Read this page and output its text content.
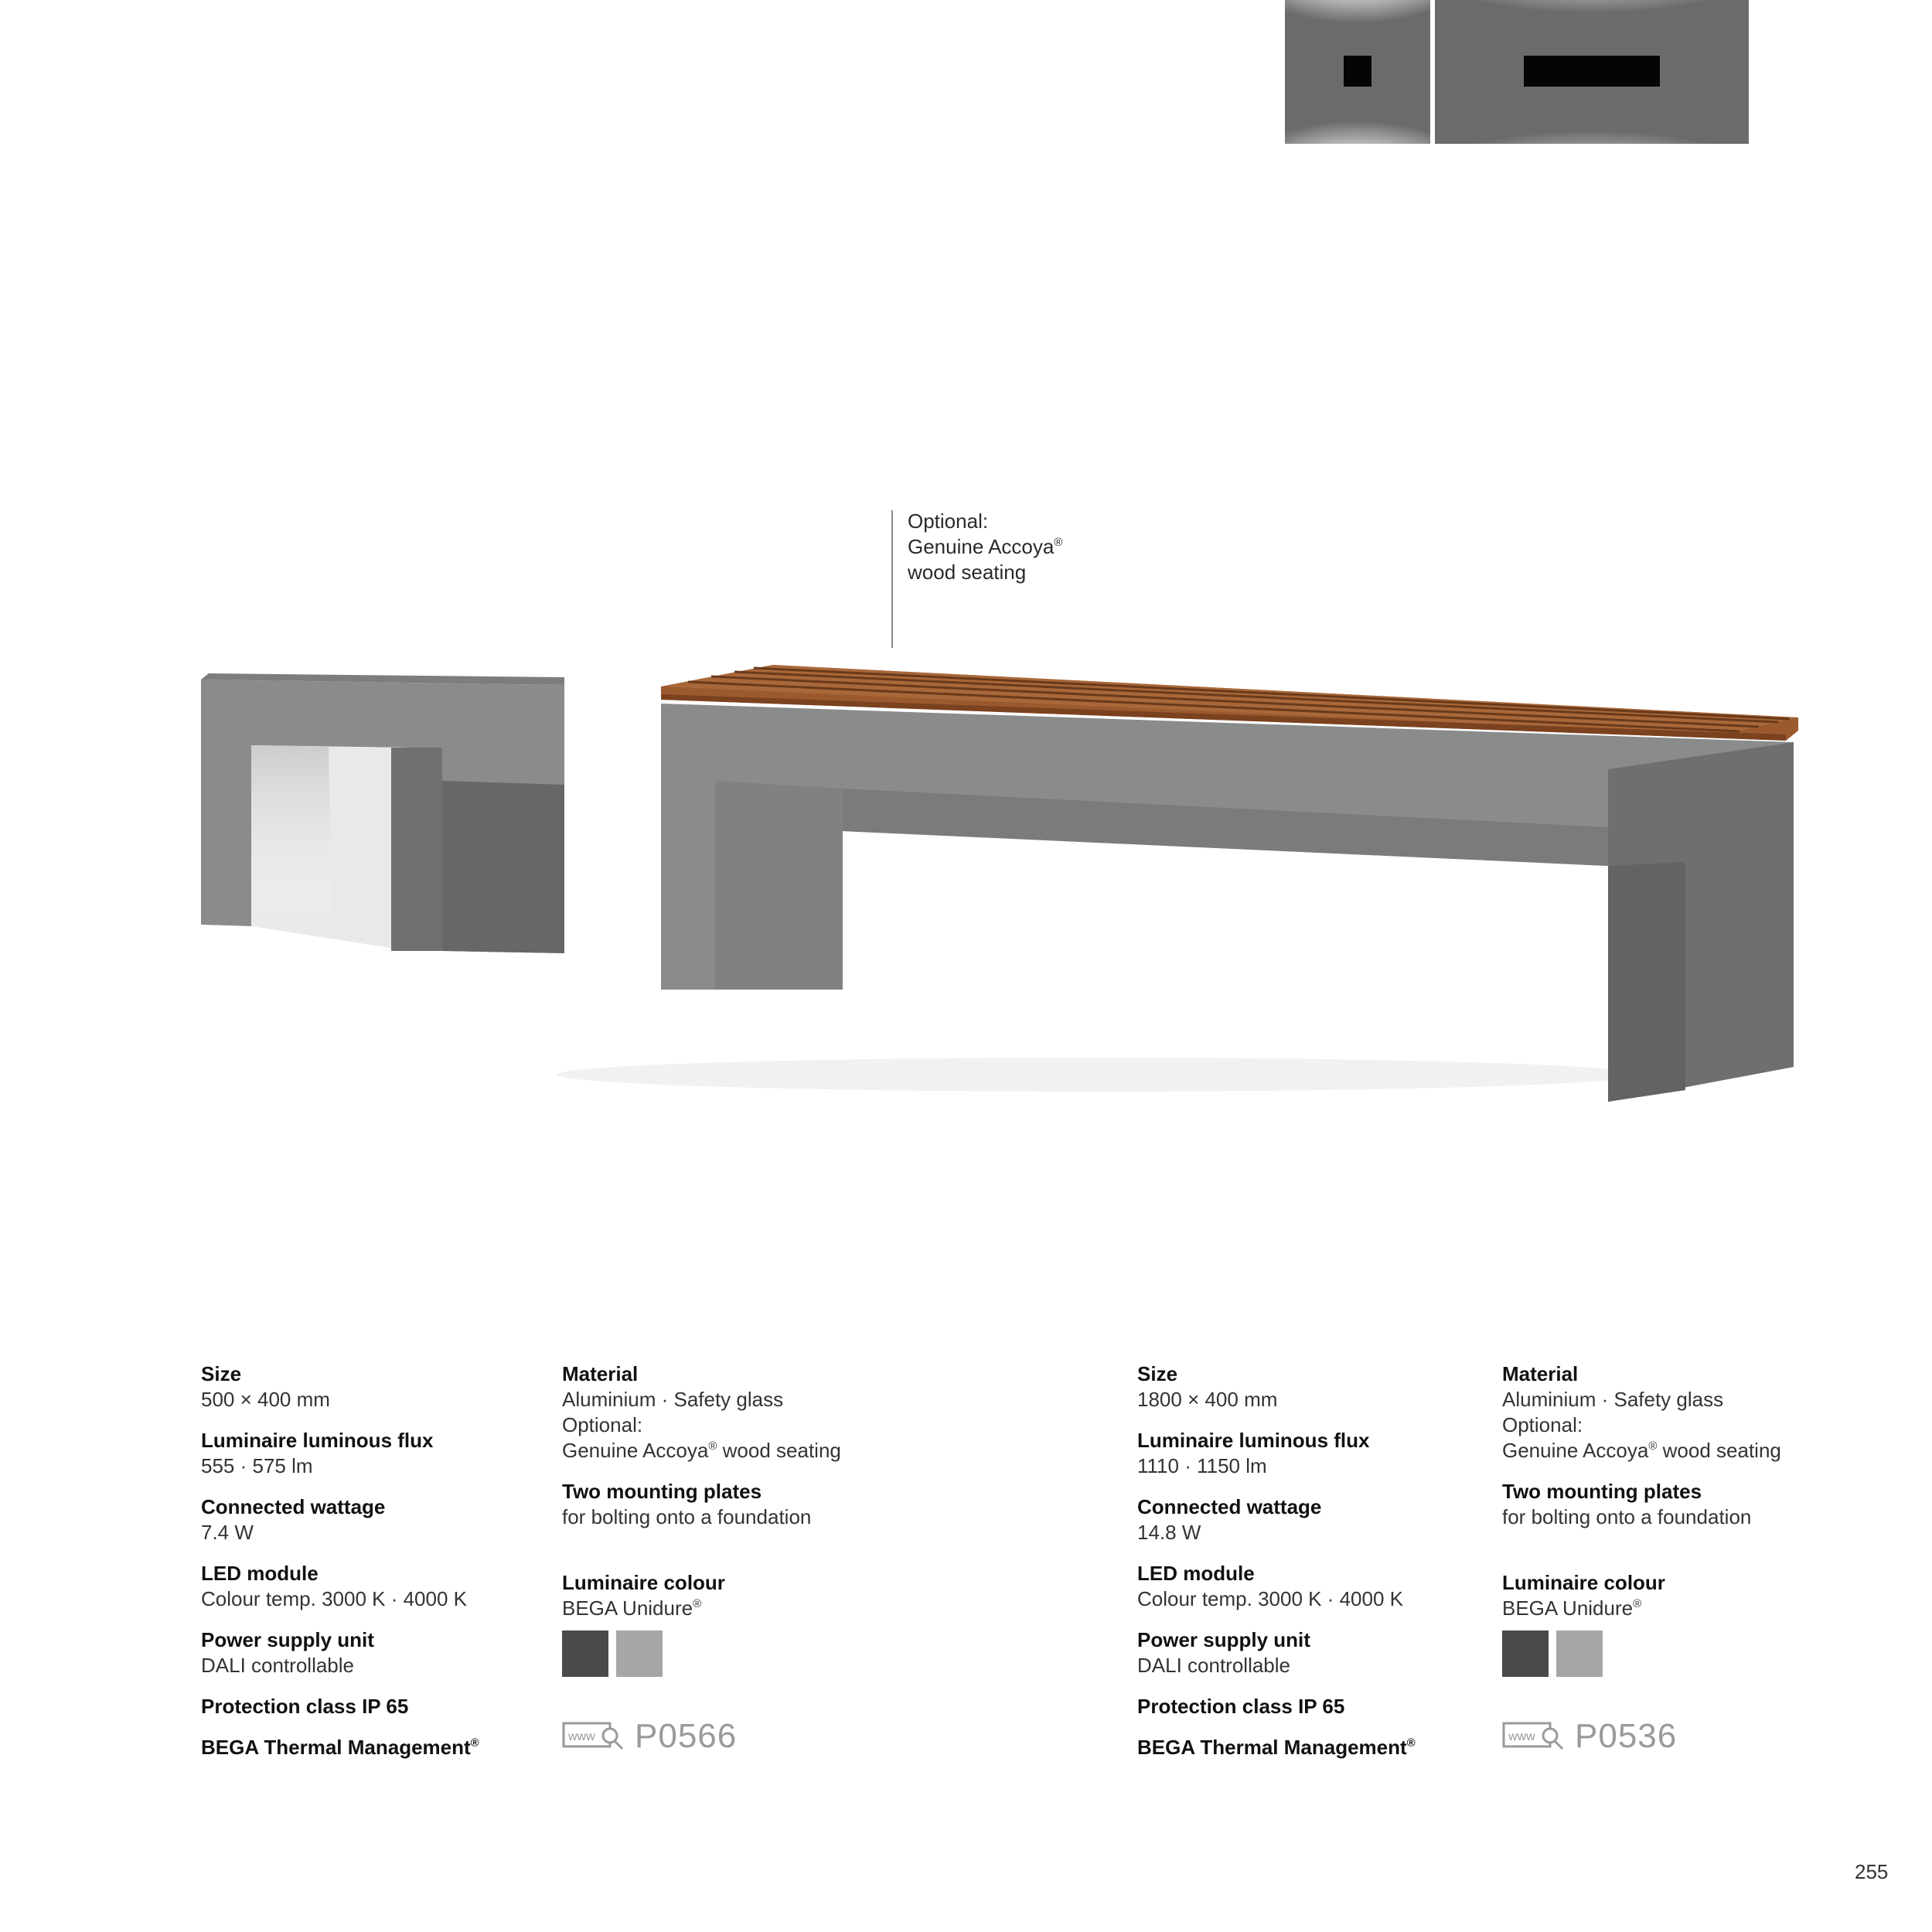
Optional:
Genuine Accoya®
wood seating
Size
500 × 400 mm
Luminaire luminous flux
555 · 575 lm
Connected wattage
7.4 W
LED module
Colour temp. 3000 K · 4000 K
Power supply unit
DALI controllable
Protection class IP 65
BEGA Thermal Management®
Material
Aluminium · Safety glass
Optional:
Genuine Accoya® wood seating
Two mounting plates
for bolting onto a foundation
Luminaire colour
BEGA Unidure®
www P0566
Size
1800 × 400 mm
Luminaire luminous flux
1110 · 1150 lm
Connected wattage
14.8 W
LED module
Colour temp. 3000 K · 4000 K
Power supply unit
DALI controllable
Protection class IP 65
BEGA Thermal Management®
Material
Aluminium · Safety glass
Optional:
Genuine Accoya® wood seating
Two mounting plates
for bolting onto a foundation
Luminaire colour
BEGA Unidure®
www P0536
255
